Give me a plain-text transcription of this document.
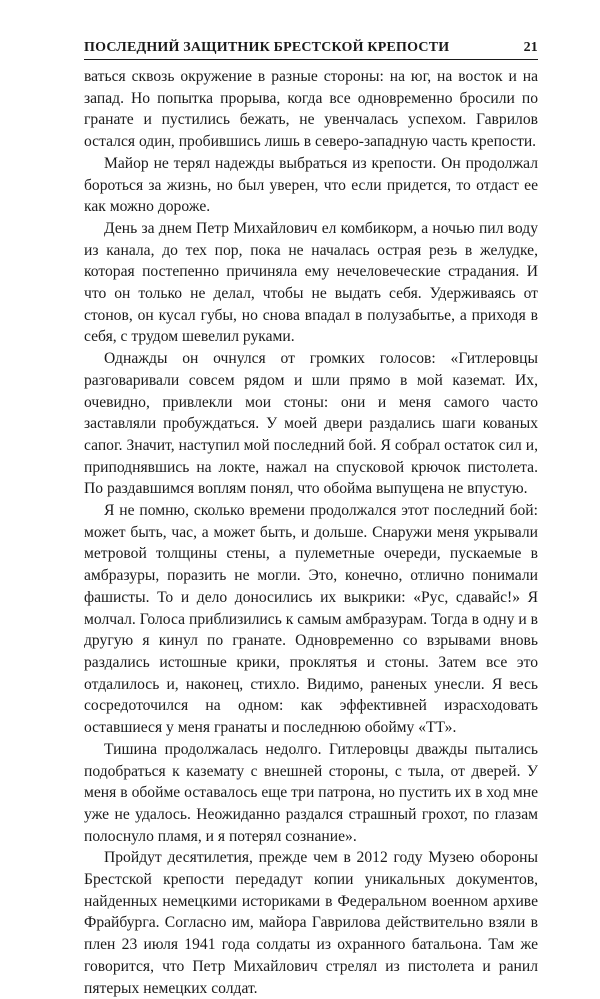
ПОСЛЕДНИЙ ЗАЩИТНИК БРЕСТСКОЙ КРЕПОСТИ	21

ваться сквозь окружение в разные стороны: на юг, на восток и на запад. Но попытка прорыва, когда все одновременно бросили по гранате и пустились бежать, не увенчалась успехом. Гаврилов остался один, пробившись лишь в северо-западную часть крепости.

Майор не терял надежды выбраться из крепости. Он продолжал бороться за жизнь, но был уверен, что если придется, то отдаст ее как можно дороже.

День за днем Петр Михайлович ел комбикорм, а ночью пил воду из канала, до тех пор, пока не началась острая резь в желудке, которая постепенно причиняла ему нечеловеческие страдания. И что он только не делал, чтобы не выдать себя. Удерживаясь от стонов, он кусал губы, но снова впадал в полузабытье, а приходя в себя, с трудом шевелил руками.

Однажды он очнулся от громких голосов: «Гитлеровцы разговаривали совсем рядом и шли прямо в мой каземат. Их, очевидно, привлекли мои стоны: они и меня самого часто заставляли пробуждаться. У моей двери раздались шаги кованых сапог. Значит, наступил мой последний бой. Я собрал остаток сил и, приподнявшись на локте, нажал на спусковой крючок пистолета. По раздавшимся воплям понял, что обойма выпущена не впустую.

Я не помню, сколько времени продолжался этот последний бой: может быть, час, а может быть, и дольше. Снаружи меня укрывали метровой толщины стены, а пулеметные очереди, пускаемые в амбразуры, поразить не могли. Это, конечно, отлично понимали фашисты. То и дело доносились их выкрики: «Рус, сдавайс!» Я молчал. Голоса приблизились к самым амбразурам. Тогда в одну и в другую я кинул по гранате. Одновременно со взрывами вновь раздались истошные крики, проклятья и стоны. Затем все это отдалилось и, наконец, стихло. Видимо, раненых унесли. Я весь сосредоточился на одном: как эффективней израсходовать оставшиеся у меня гранаты и последнюю обойму «ТТ».

Тишина продолжалась недолго. Гитлеровцы дважды пытались подобраться к каземату с внешней стороны, с тыла, от дверей. У меня в обойме оставалось еще три патрона, но пустить их в ход мне уже не удалось. Неожиданно раздался страшный грохот, по глазам полоснуло пламя, и я потерял сознание».

Пройдут десятилетия, прежде чем в 2012 году Музею обороны Брестской крепости передадут копии уникальных документов, найденных немецкими историками в Федеральном военном архиве Фрайбурга. Согласно им, майора Гаврилова действительно взяли в плен 23 июля 1941 года солдаты из охранного батальона. Там же говорится, что Петр Михайлович стрелял из пистолета и ранил пятерых немецких солдат.
